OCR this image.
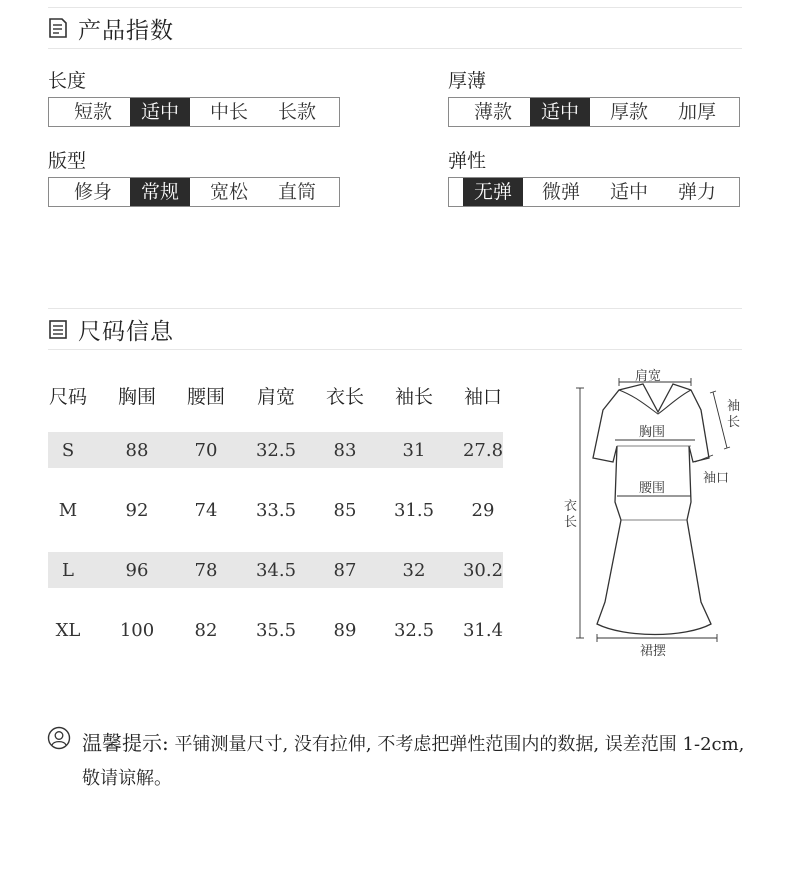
产品指数
长度
短款	适中	中长	长款
厚薄
薄款	适中	厚款	加厚
版型
修身	常规	宽松	直筒
弹性
无弹	微弹	适中	弹力
尺码信息
尺码	胸围	腰围	肩宽	衣长	袖长	袖口
S	88	70	32.5	83	31	27.8
M	92	74	33.5	85	31.5	29
L	96	78	34.5	87	32	30.2
XL	100	82	35.5	89	32.5	31.4
肩宽
胸围
腰围
袖
长
袖口
衣
长
裙摆
温馨提示: 平铺测量尺寸, 没有拉伸, 不考虑把弹性范围内的数据, 误差范围 1-2cm, 敬请谅解。
